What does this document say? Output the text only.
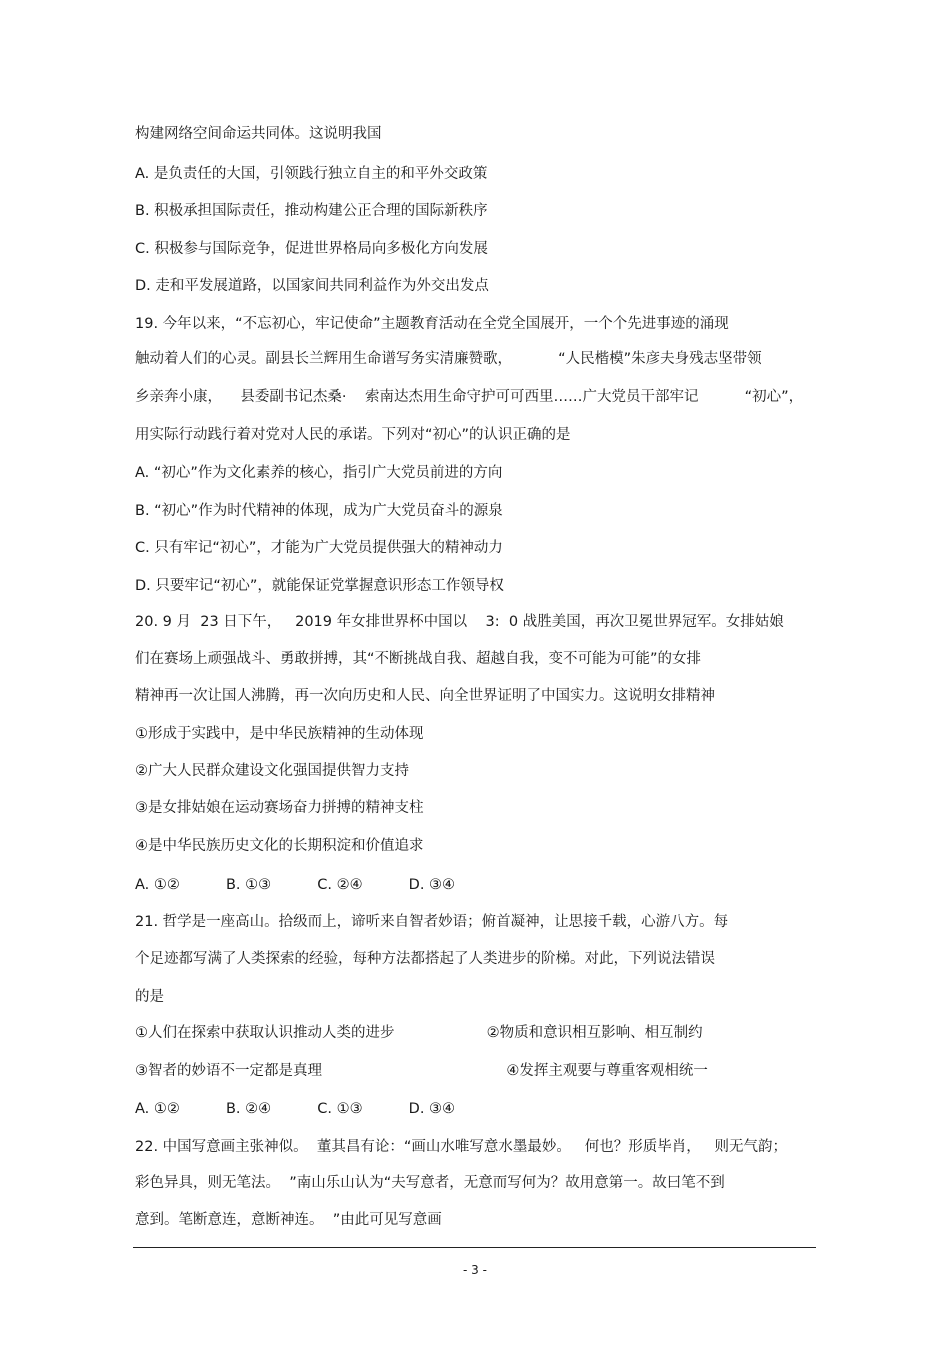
构建网络空间命运共同体。这说明我国
A. 是负责任的大国，引领践行独立自主的和平外交政策
B. 积极承担国际责任，推动构建公正合理的国际新秩序
C. 积极参与国际竞争，促进世界格局向多极化方向发展
D. 走和平发展道路，以国家间共同利益作为外交出发点
19. 今年以来，“不忘初心，牢记使命”主题教育活动在全党全国展开，一个个先进事迹的涌现
触动着人们的心灵。副县长兰辉用生命谱写务实清廉赞歌，          “人民楷模”朱彦夫身残志坚带领
乡亲奔小康，    县委副书记杰桑·    索南达杰用生命守护可可西里……广大党员干部牢记          “初心”，
用实际行动践行着对党对人民的承诺。下列对“初心”的认识正确的是
A. “初心”作为文化素养的核心，指引广大党员前进的方向
B. “初心”作为时代精神的体现，成为广大党员奋斗的源泉
C. 只有牢记“初心”，才能为广大党员提供强大的精神动力
D. 只要牢记“初心”，就能保证党掌握意识形态工作领导权
20. 9 月  23 日下午，   2019 年女排世界杯中国以    3:  0 战胜美国，再次卫冕世界冠军。女排姑娘
们在赛场上顽强战斗、勇敢拼搏，其“不断挑战自我、超越自我，变不可能为可能”的女排
精神再一次让国人沸腾，再一次向历史和人民、向全世界证明了中国实力。这说明女排精神
①形成于实践中，是中华民族精神的生动体现
②广大人民群众建设文化强国提供智力支持
③是女排姑娘在运动赛场奋力拼搏的精神支柱
④是中华民族历史文化的长期积淀和价值追求
A. ①②          B. ①③          C. ②④          D. ③④
21. 哲学是一座高山。拾级而上，谛听来自智者妙语；俯首凝神，让思接千载，心游八方。每
个足迹都写满了人类探索的经验，每种方法都搭起了人类进步的阶梯。对此，下列说法错误
的是
①人们在探索中获取认识推动人类的进步                    ②物质和意识相互影响、相互制约
③智者的妙语不一定都是真理                                        ④发挥主观要与尊重客观相统一
A. ①②          B. ②④          C. ①③          D. ③④
22. 中国写意画主张神似。  董其昌有论：“画山水唯写意水墨最妙。   何也？形质毕肖，   则无气韵；
彩色异具，则无笔法。  ”南山乐山认为“夫写意者，无意而写何为？故用意第一。故曰笔不到
意到。笔断意连，意断神连。  ”由此可见写意画
- 3 -
